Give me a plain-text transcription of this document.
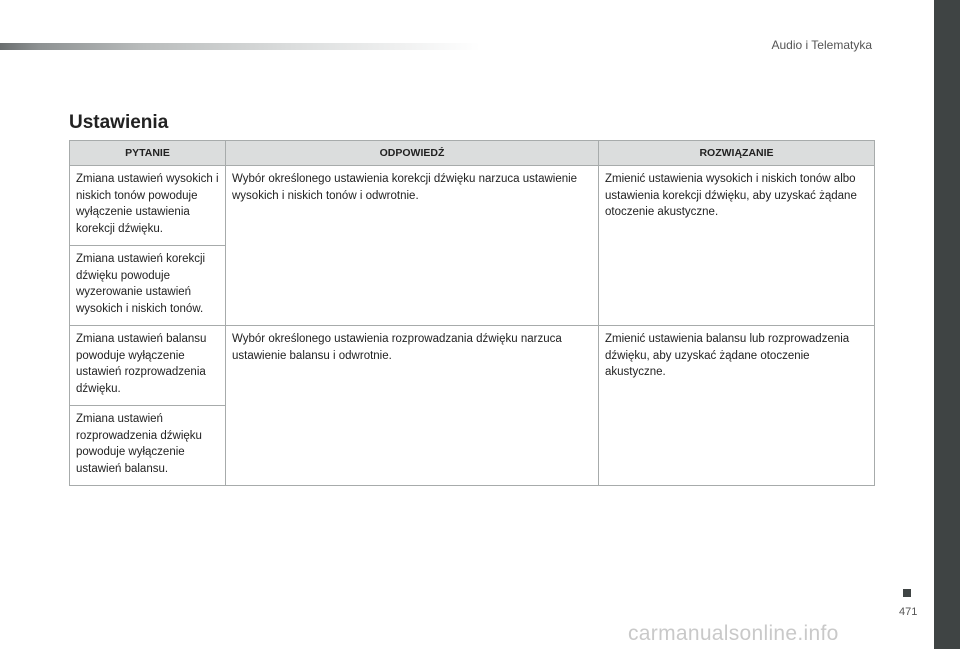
Audio i Telematyka
Ustawienia
PYTANIE	ODPOWIEDŹ	ROZWIĄZANIE
Zmiana ustawień wysokich i niskich tonów powoduje wyłączenie ustawienia korekcji dźwięku.	Wybór określonego ustawienia korekcji dźwięku narzuca ustawienie wysokich i niskich tonów i odwrotnie.	Zmienić ustawienia wysokich i niskich tonów albo ustawienia korekcji dźwięku, aby uzyskać żądane otoczenie akustyczne.
Zmiana ustawień korekcji dźwięku powoduje wyzerowanie ustawień wysokich i niskich tonów.		
Zmiana ustawień balansu powoduje wyłączenie ustawień rozprowadzenia dźwięku.	Wybór określonego ustawienia rozprowadzania dźwięku narzuca ustawienie balansu i odwrotnie.	Zmienić ustawienia balansu lub rozprowadzenia dźwięku, aby uzyskać żądane otoczenie akustyczne.
Zmiana ustawień rozprowadzenia dźwięku powoduje wyłączenie ustawień balansu.		
471
carmanualsonline.info
